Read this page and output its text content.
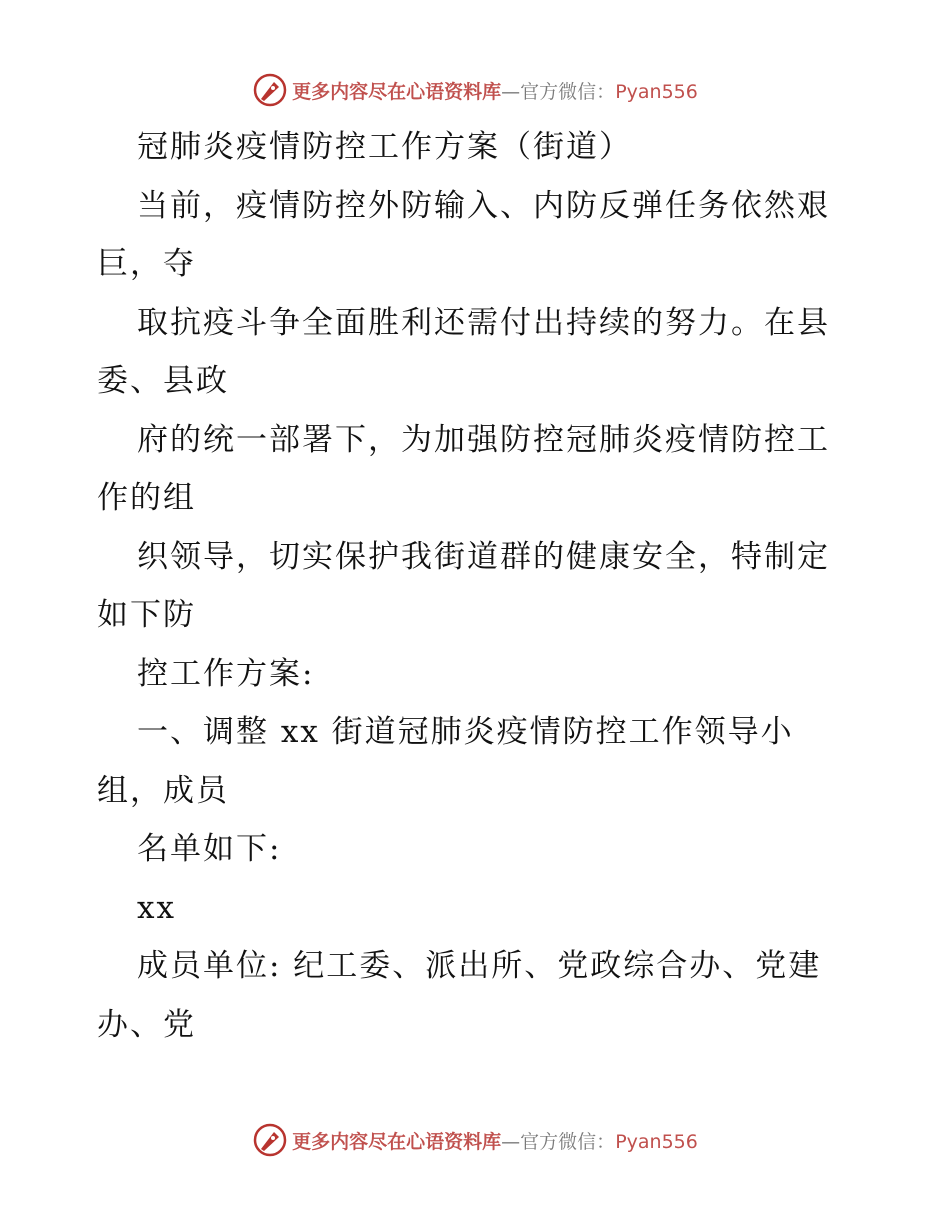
更多内容尽在心语资料库—官方微信：Pyan556
冠肺炎疫情防控工作方案（街道）
当前，疫情防控外防输入、内防反弹任务依然艰
巨，夺
取抗疫斗争全面胜利还需付出持续的努力。在县
委、县政
府的统一部署下，为加强防控冠肺炎疫情防控工
作的组
织领导，切实保护我街道群的健康安全，特制定
如下防
控工作方案:
一、调整 xx 街道冠肺炎疫情防控工作领导小
组，成员
名单如下:
xx
成员单位: 纪工委、派出所、党政综合办、党建
办、党
更多内容尽在心语资料库—官方微信：Pyan556
